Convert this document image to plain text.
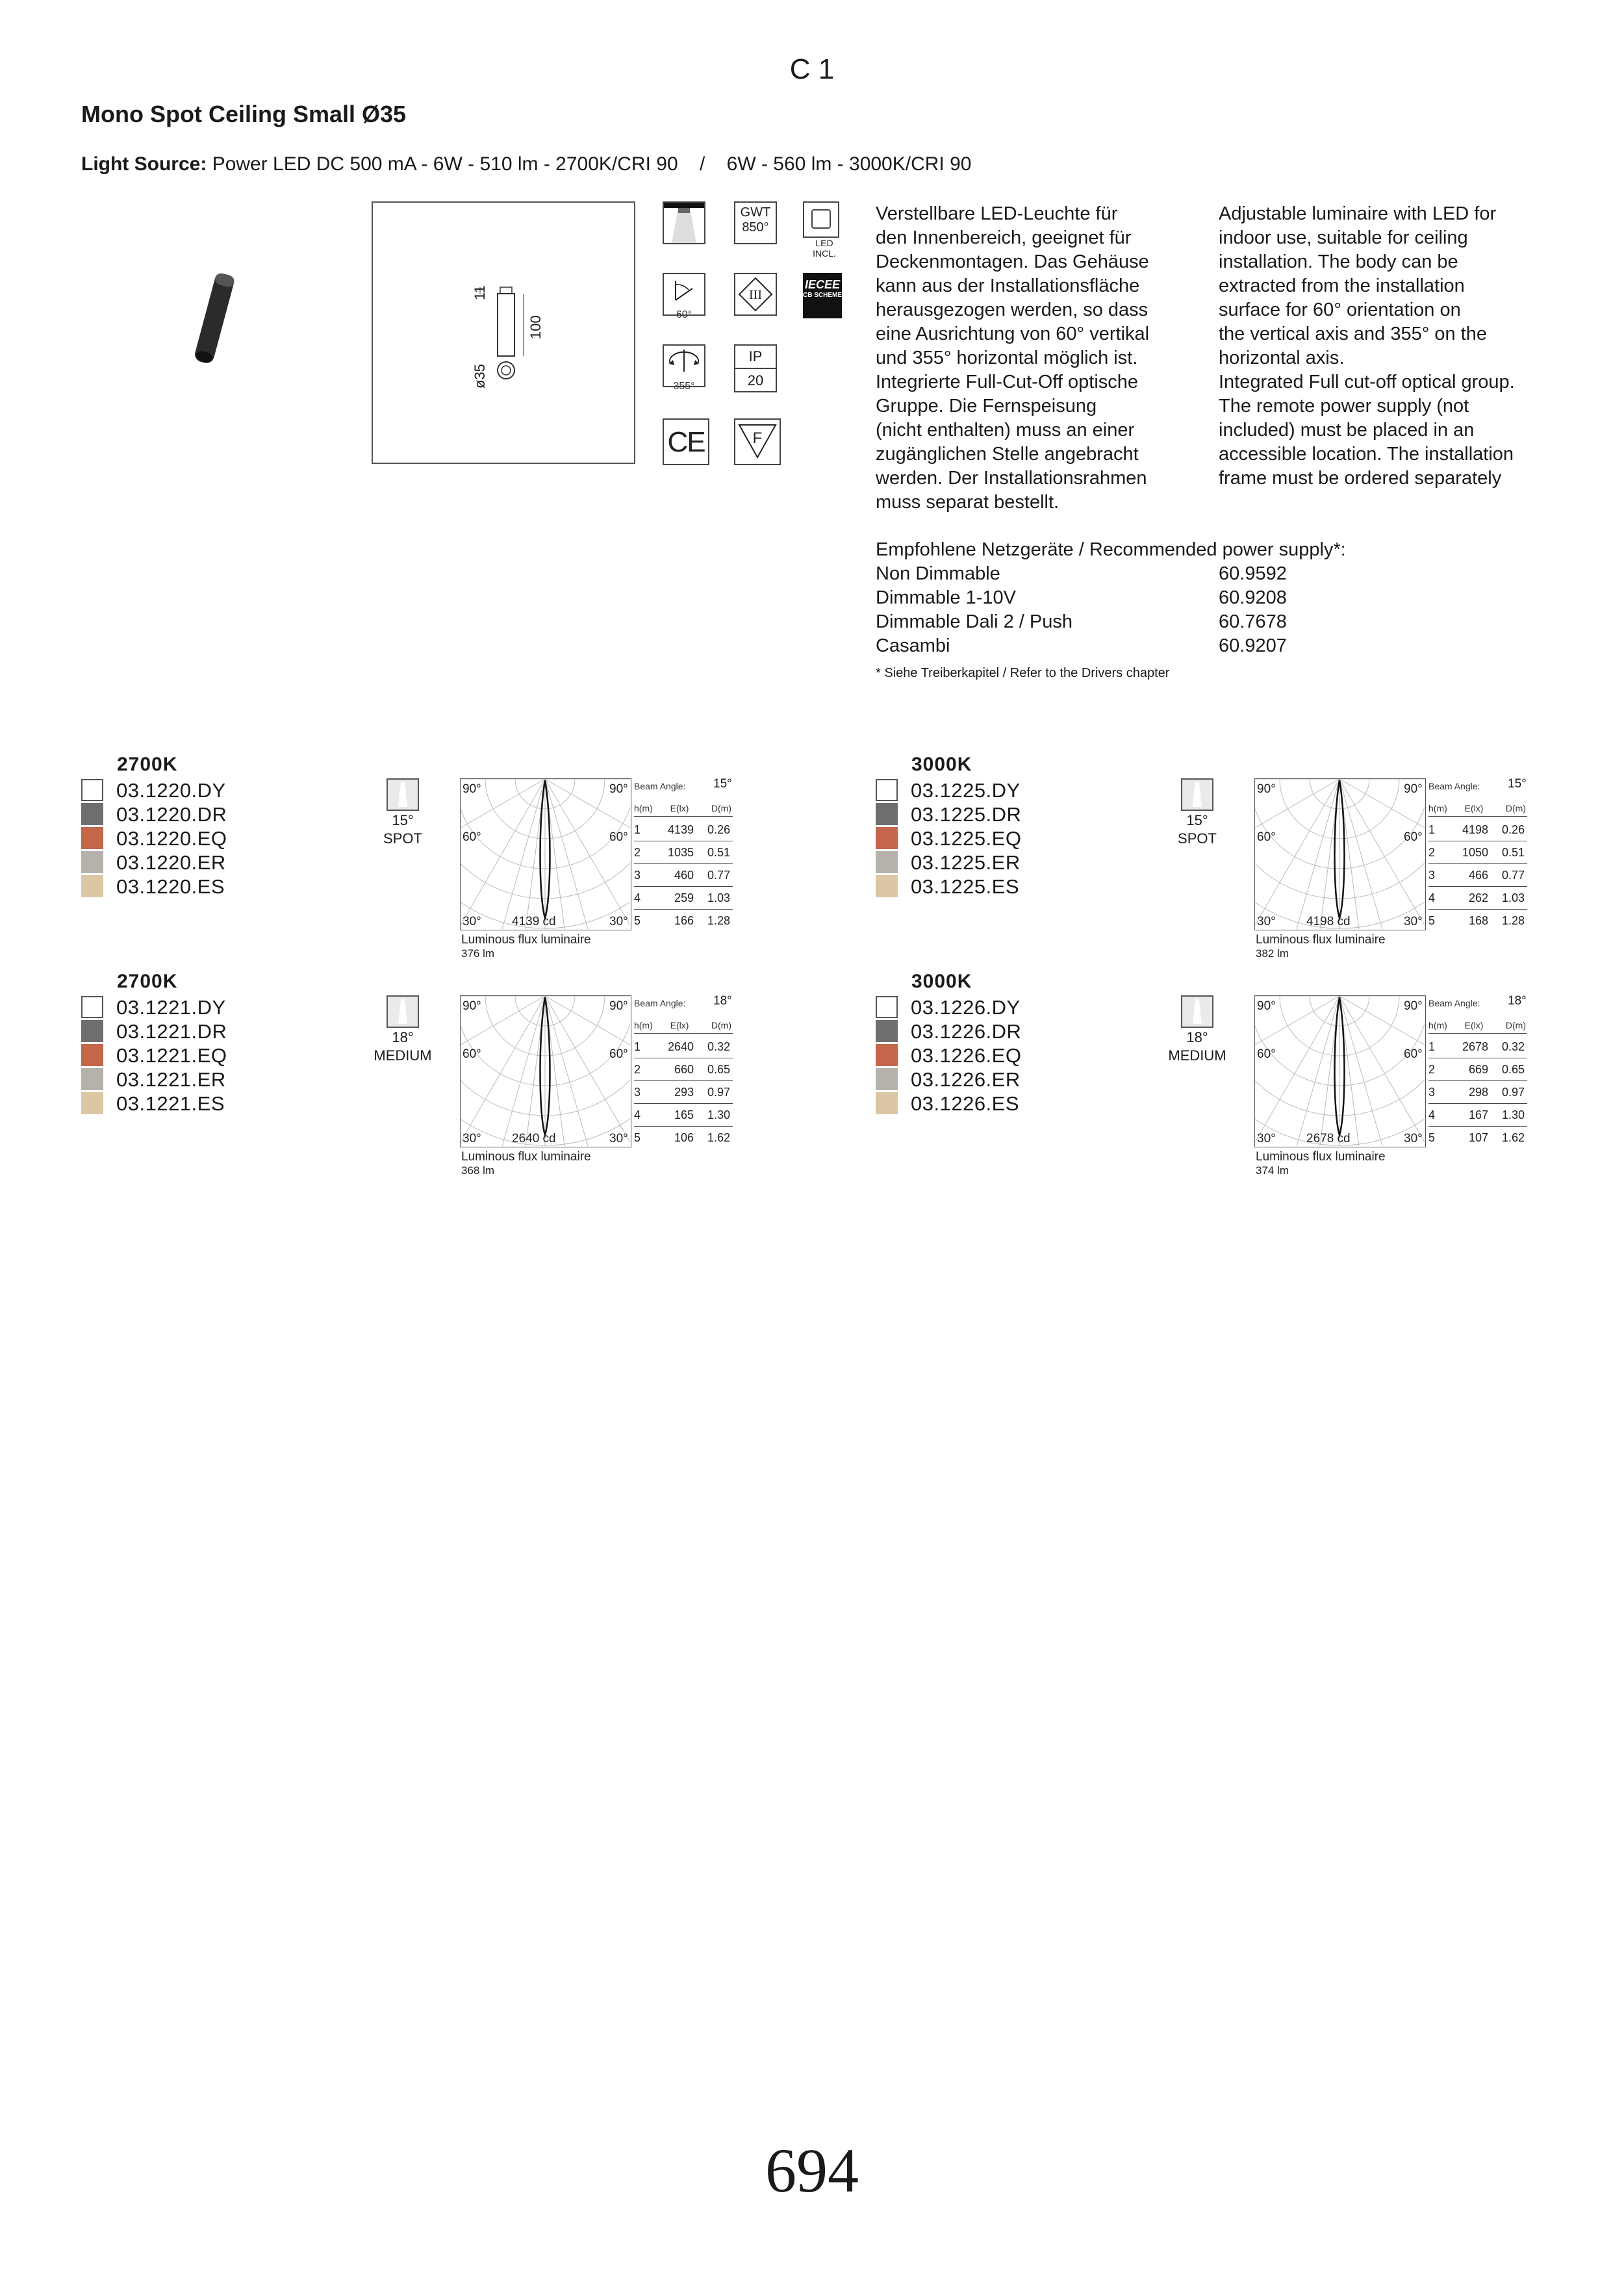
C 1
Mono Spot Ceiling Small Ø35
Light Source: Power LED DC 500 mA - 6W - 510 lm - 2700K/CRI 90    /    6W - 560 lm - 3000K/CRI 90
100
11
ø35
GWT
850°
LED INCL.
60°
III
IECEE
CB SCHEME
355°
IP
20
CE	F
Verstellbare LED-Leuchte für
den Innenbereich, geeignet für
Deckenmontagen. Das Gehäuse
kann aus der Installationsfläche
herausgezogen werden, so dass
eine Ausrichtung von 60° vertikal
und 355° horizontal möglich ist.
Integrierte Full-Cut-Off optische
Gruppe. Die Fernspeisung
(nicht enthalten) muss an einer
zugänglichen Stelle angebracht
werden. Der Installationsrahmen
muss separat bestellt.
Adjustable luminaire with LED for
indoor use, suitable for ceiling
installation. The body can be
extracted from the installation
surface for 60° orientation on
the vertical axis and 355° on the
horizontal axis.
Integrated Full cut-off optical group.
The remote power supply (not
included) must be placed in an
accessible location. The installation
frame must be ordered separately
Empfohlene Netzgeräte / Recommended power supply*:
Non Dimmable	60.9592
Dimmable 1-10V	60.9208
Dimmable Dali 2 / Push	60.7678
Casambi	60.9207
* Siehe Treiberkapitel / Refer to the Drivers chapter
2700K
03.1220.DY
03.1220.DR
03.1220.EQ
03.1220.ER
03.1220.ES
15°
SPOT
90°	90°
60°	60°
30°	30°
4139 cd
Luminous flux luminaire
376 lm
Beam Angle: 15°
h(m) E(lx) D(m)
1 4139 0.26
2 1035 0.51
3	460 0.77
4	259 1.03
5	166 1.28
3000K
03.1225.DY
03.1225.DR
03.1225.EQ
03.1225.ER
03.1225.ES
15°
SPOT
90°	90°
60°	60°
30°	30°
4198 cd
Luminous flux luminaire
382 lm
Beam Angle: 15°
h(m) E(lx) D(m)
1 4198 0.26
2 1050 0.51
3	466 0.77
4	262 1.03
5	168 1.28
2700K
03.1221.DY
03.1221.DR
03.1221.EQ
03.1221.ER
03.1221.ES
18°
MEDIUM
90°	90°
60°	60°
30°	30°
2640 cd
Luminous flux luminaire
368 lm
Beam Angle: 18°
h(m) E(lx) D(m)
1 2640 0.32
2	660 0.65
3	293 0.97
4	165 1.30
5	106 1.62
3000K
03.1226.DY
03.1226.DR
03.1226.EQ
03.1226.ER
03.1226.ES
18°
MEDIUM
90°	90°
60°	60°
30°	30°
2678 cd
Luminous flux luminaire
374 lm
Beam Angle: 18°
h(m) E(lx) D(m)
1 2678 0.32
2	669 0.65
3	298 0.97
4	167 1.30
5	107 1.62
694
